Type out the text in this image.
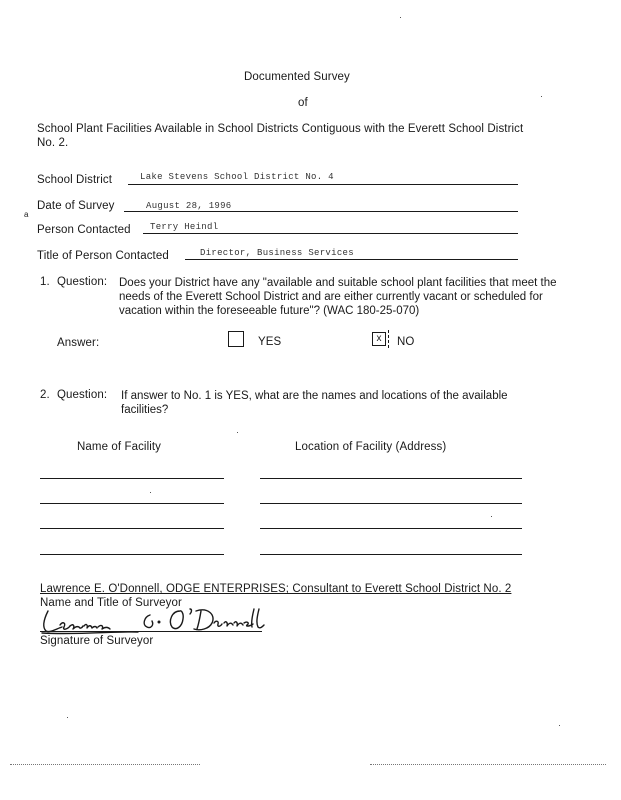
Documented Survey
of
School Plant Facilities Available in School Districts Contiguous with the Everett School District
No. 2.
School District	Lake Stevens School District No. 4
Date of Survey	August 28, 1996
a
Person Contacted Terry Heindl
Title of Person Contacted	Director, Business Services
1. Question: Does your District have any "available and suitable school plant facilities that meet the needs of the Everett School District and are either currently vacant or scheduled for vacation within the foreseeable future"? (WAC 180-25-070)
Answer:	YES	x	NO
2. Question: If answer to No. 1 is YES, what are the names and locations of the available facilities?
Name of Facility	Location of Facility (Address)
Lawrence E. O'Donnell, ODGE ENTERPRISES; Consultant to Everett School District No. 2
Name and Title of Surveyor
Signature of Surveyor
